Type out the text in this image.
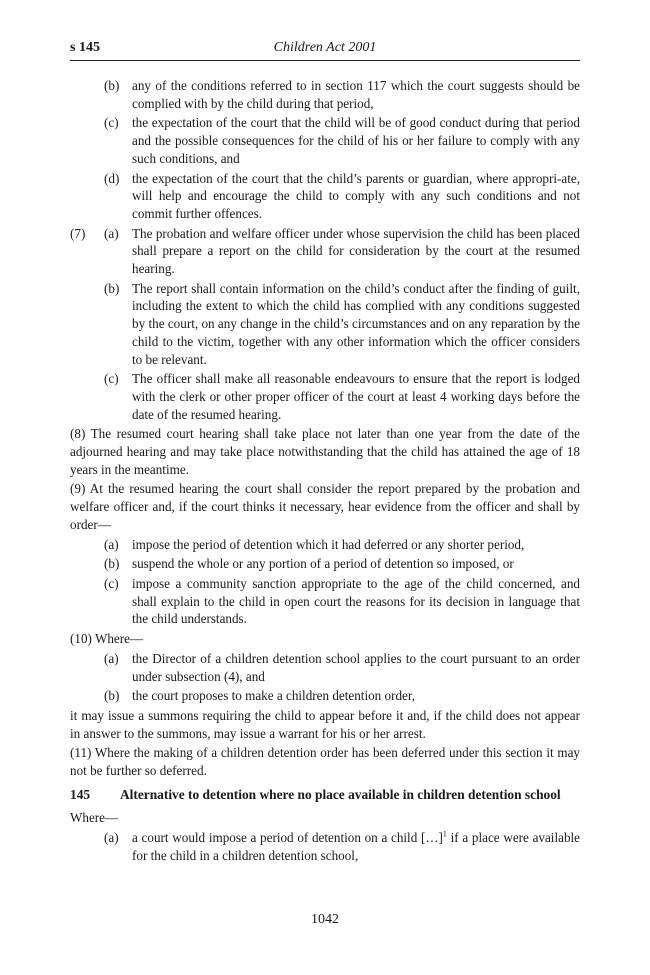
s 145	Children Act 2001
(b) any of the conditions referred to in section 117 which the court suggests should be complied with by the child during that period,
(c) the expectation of the court that the child will be of good conduct during that period and the possible consequences for the child of his or her failure to comply with any such conditions, and
(d) the expectation of the court that the child’s parents or guardian, where appropri-ate, will help and encourage the child to comply with any such conditions and not commit further offences.
(7) (a) The probation and welfare officer under whose supervision the child has been placed shall prepare a report on the child for consideration by the court at the resumed hearing.
(b) The report shall contain information on the child’s conduct after the finding of guilt, including the extent to which the child has complied with any conditions suggested by the court, on any change in the child’s circumstances and on any reparation by the child to the victim, together with any other information which the officer considers to be relevant.
(c) The officer shall make all reasonable endeavours to ensure that the report is lodged with the clerk or other proper officer of the court at least 4 working days before the date of the resumed hearing.
(8) The resumed court hearing shall take place not later than one year from the date of the adjourned hearing and may take place notwithstanding that the child has attained the age of 18 years in the meantime.
(9) At the resumed hearing the court shall consider the report prepared by the probation and welfare officer and, if the court thinks it necessary, hear evidence from the officer and shall by order—
(a) impose the period of detention which it had deferred or any shorter period,
(b) suspend the whole or any portion of a period of detention so imposed, or
(c) impose a community sanction appropriate to the age of the child concerned, and shall explain to the child in open court the reasons for its decision in language that the child understands.
(10) Where—
(a) the Director of a children detention school applies to the court pursuant to an order under subsection (4), and
(b) the court proposes to make a children detention order,
it may issue a summons requiring the child to appear before it and, if the child does not appear in answer to the summons, may issue a warrant for his or her arrest.
(11) Where the making of a children detention order has been deferred under this section it may not be further so deferred.
145 Alternative to detention where no place available in children detention school
Where—
(a) a court would impose a period of detention on a child […]$^1$ if a place were available for the child in a children detention school,
1042
